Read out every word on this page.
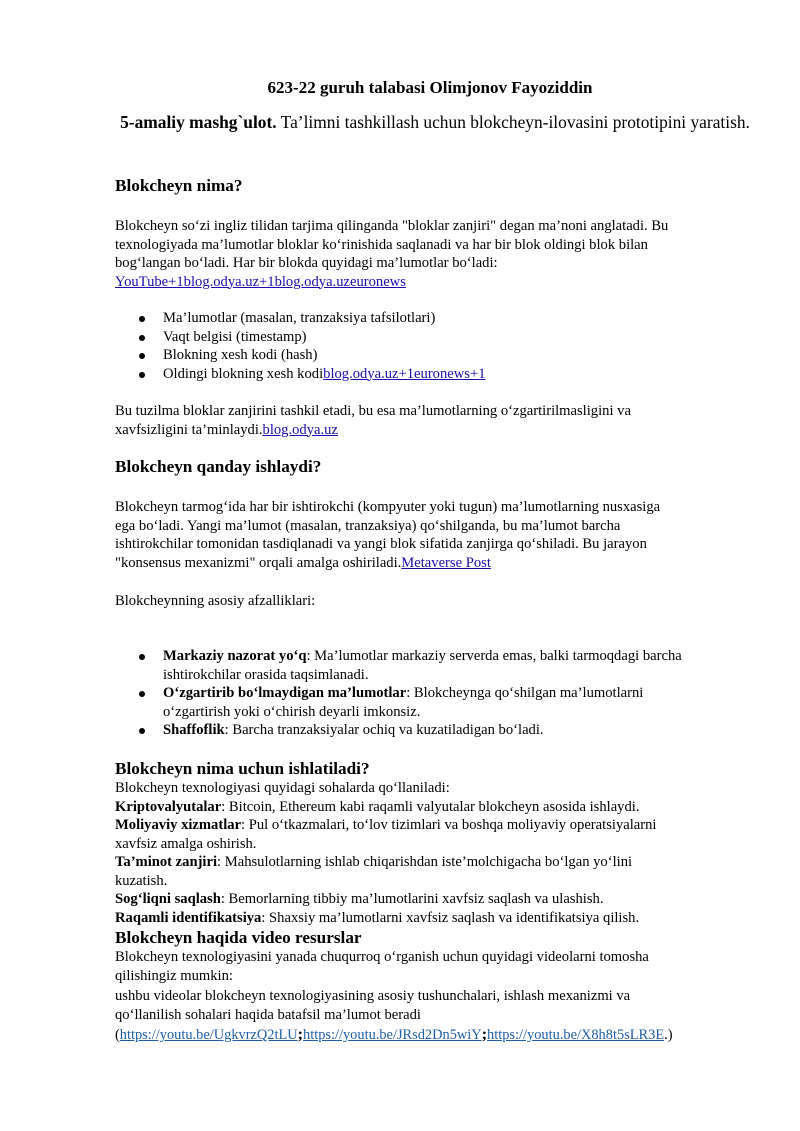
623-22 guruh talabasi Olimjonov Fayoziddin

5-amaliy mashg`ulot. Ta’limni tashkillash uchun blokcheyn-ilovasini prototipini yaratish.

Blokcheyn nima?

Blokcheyn so‘zi ingliz tilidan tarjima qilinganda "bloklar zanjiri" degan ma’noni anglatadi. Bu

texnologiyada ma’lumotlar bloklar ko‘rinishida saqlanadi va har bir blok oldingi blok bilan

bog‘langan bo‘ladi. Har bir blokda quyidagi ma’lumotlar bo‘ladi:

YouTube+1blog.odya.uz+1blog.odya.uzeuronews

Ma’lumotlar (masalan, tranzaksiya tafsilotlari)

Vaqt belgisi (timestamp)

Blokning xesh kodi (hash)

Oldingi blokning xesh kodiblog.odya.uz+1euronews+1

Bu tuzilma bloklar zanjirini tashkil etadi, bu esa ma’lumotlarning o‘zgartirilmasligini va

xavfsizligini ta’minlaydi.blog.odya.uz

Blokcheyn qanday ishlaydi?

Blokcheyn tarmog‘ida har bir ishtirokchi (kompyuter yoki tugun) ma’lumotlarning nusxasiga

ega bo‘ladi. Yangi ma’lumot (masalan, tranzaksiya) qo‘shilganda, bu ma’lumot barcha

ishtirokchilar tomonidan tasdiqlanadi va yangi blok sifatida zanjirga qo‘shiladi. Bu jarayon

"konsensus mexanizmi" orqali amalga oshiriladi.Metaverse Post

Blokcheynning asosiy afzalliklari:

Markaziy nazorat yo‘q: Ma’lumotlar markaziy serverda emas, balki tarmoqdagi barcha

ishtirokchilar orasida taqsimlanadi.

O‘zgartirib bo‘lmaydigan ma’lumotlar: Blokcheynga qo‘shilgan ma’lumotlarni

o‘zgartirish yoki o‘chirish deyarli imkonsiz.

Shaffoflik: Barcha tranzaksiyalar ochiq va kuzatiladigan bo‘ladi.

Blokcheyn nima uchun ishlatiladi?

Blokcheyn texnologiyasi quyidagi sohalarda qo‘llaniladi:

Kriptovalyutalar: Bitcoin, Ethereum kabi raqamli valyutalar blokcheyn asosida ishlaydi.

Moliyaviy xizmatlar: Pul o‘tkazmalari, to‘lov tizimlari va boshqa moliyaviy operatsiyalarni

xavfsiz amalga oshirish.

Ta’minot zanjiri: Mahsulotlarning ishlab chiqarishdan iste’molchigacha bo‘lgan yo‘lini

kuzatish.

Sog‘liqni saqlash: Bemorlarning tibbiy ma’lumotlarini xavfsiz saqlash va ulashish.

Raqamli identifikatsiya: Shaxsiy ma’lumotlarni xavfsiz saqlash va identifikatsiya qilish.

Blokcheyn haqida video resurslar

Blokcheyn texnologiyasini yanada chuqurroq o‘rganish uchun quyidagi videolarni tomosha

qilishingiz mumkin:

ushbu videolar blokcheyn texnologiyasining asosiy tushunchalari, ishlash mexanizmi va

qo‘llanilish sohalari haqida batafsil ma’lumot beradi

(https://youtu.be/UgkvrzQ2tLU;https://youtu.be/JRsd2Dn5wiY;https://youtu.be/X8h8t5sLR3E.)
